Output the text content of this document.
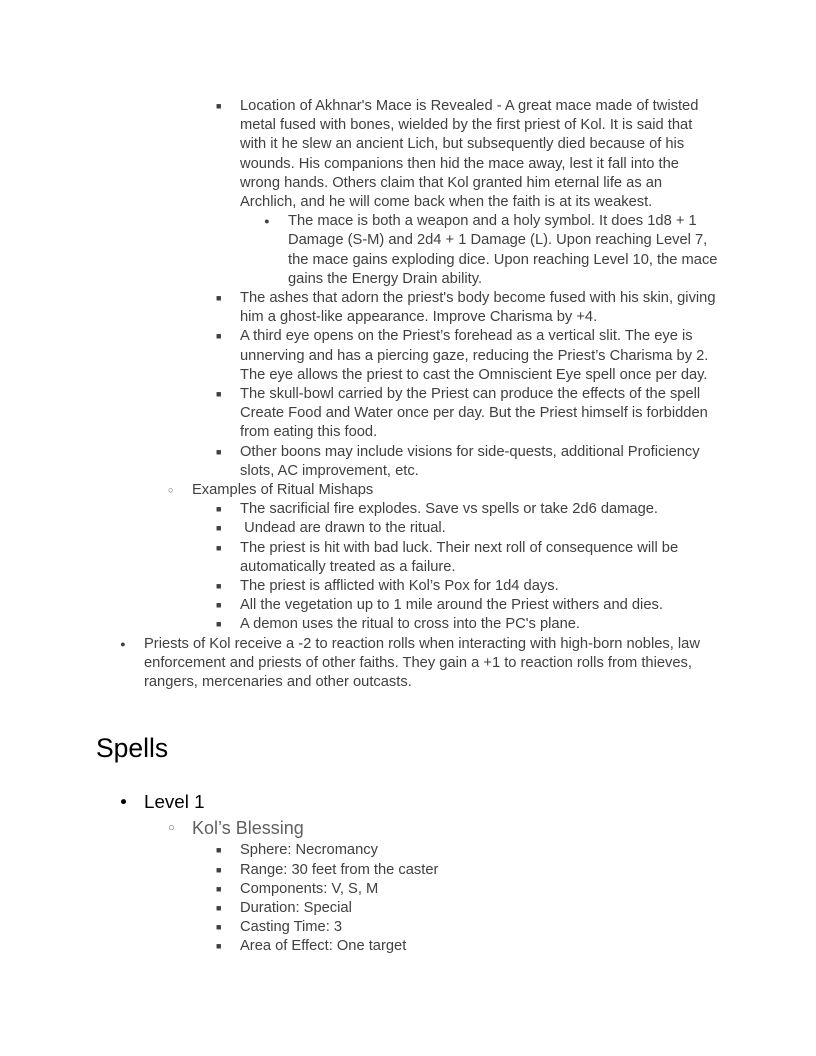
■ Location of Akhnar's Mace is Revealed - A great mace made of twisted metal fused with bones, wielded by the first priest of Kol. It is said that with it he slew an ancient Lich, but subsequently died because of his wounds. His companions then hid the mace away, lest it fall into the wrong hands. Others claim that Kol granted him eternal life as an Archlich, and he will come back when the faith is at its weakest.
● The mace is both a weapon and a holy symbol. It does 1d8 + 1 Damage (S-M) and 2d4 + 1 Damage (L). Upon reaching Level 7, the mace gains exploding dice. Upon reaching Level 10, the mace gains the Energy Drain ability.
■ The ashes that adorn the priest's body become fused with his skin, giving him a ghost-like appearance. Improve Charisma by +4.
■ A third eye opens on the Priest’s forehead as a vertical slit. The eye is unnerving and has a piercing gaze, reducing the Priest’s Charisma by 2. The eye allows the priest to cast the Omniscient Eye spell once per day.
■ The skull-bowl carried by the Priest can produce the effects of the spell Create Food and Water once per day. But the Priest himself is forbidden from eating this food.
■ Other boons may include visions for side-quests, additional Proficiency slots, AC improvement, etc.
○ Examples of Ritual Mishaps
■ The sacrificial fire explodes. Save vs spells or take 2d6 damage.
■ Undead are drawn to the ritual.
■ The priest is hit with bad luck. Their next roll of consequence will be automatically treated as a failure.
■ The priest is afflicted with Kol’s Pox for 1d4 days.
■ All the vegetation up to 1 mile around the Priest withers and dies.
■ A demon uses the ritual to cross into the PC's plane.
● Priests of Kol receive a -2 to reaction rolls when interacting with high-born nobles, law enforcement and priests of other faiths. They gain a +1 to reaction rolls from thieves, rangers, mercenaries and other outcasts.
Spells
● Level 1
○ Kol’s Blessing
■ Sphere: Necromancy
■ Range: 30 feet from the caster
■ Components: V, S, M
■ Duration: Special
■ Casting Time: 3
■ Area of Effect: One target
